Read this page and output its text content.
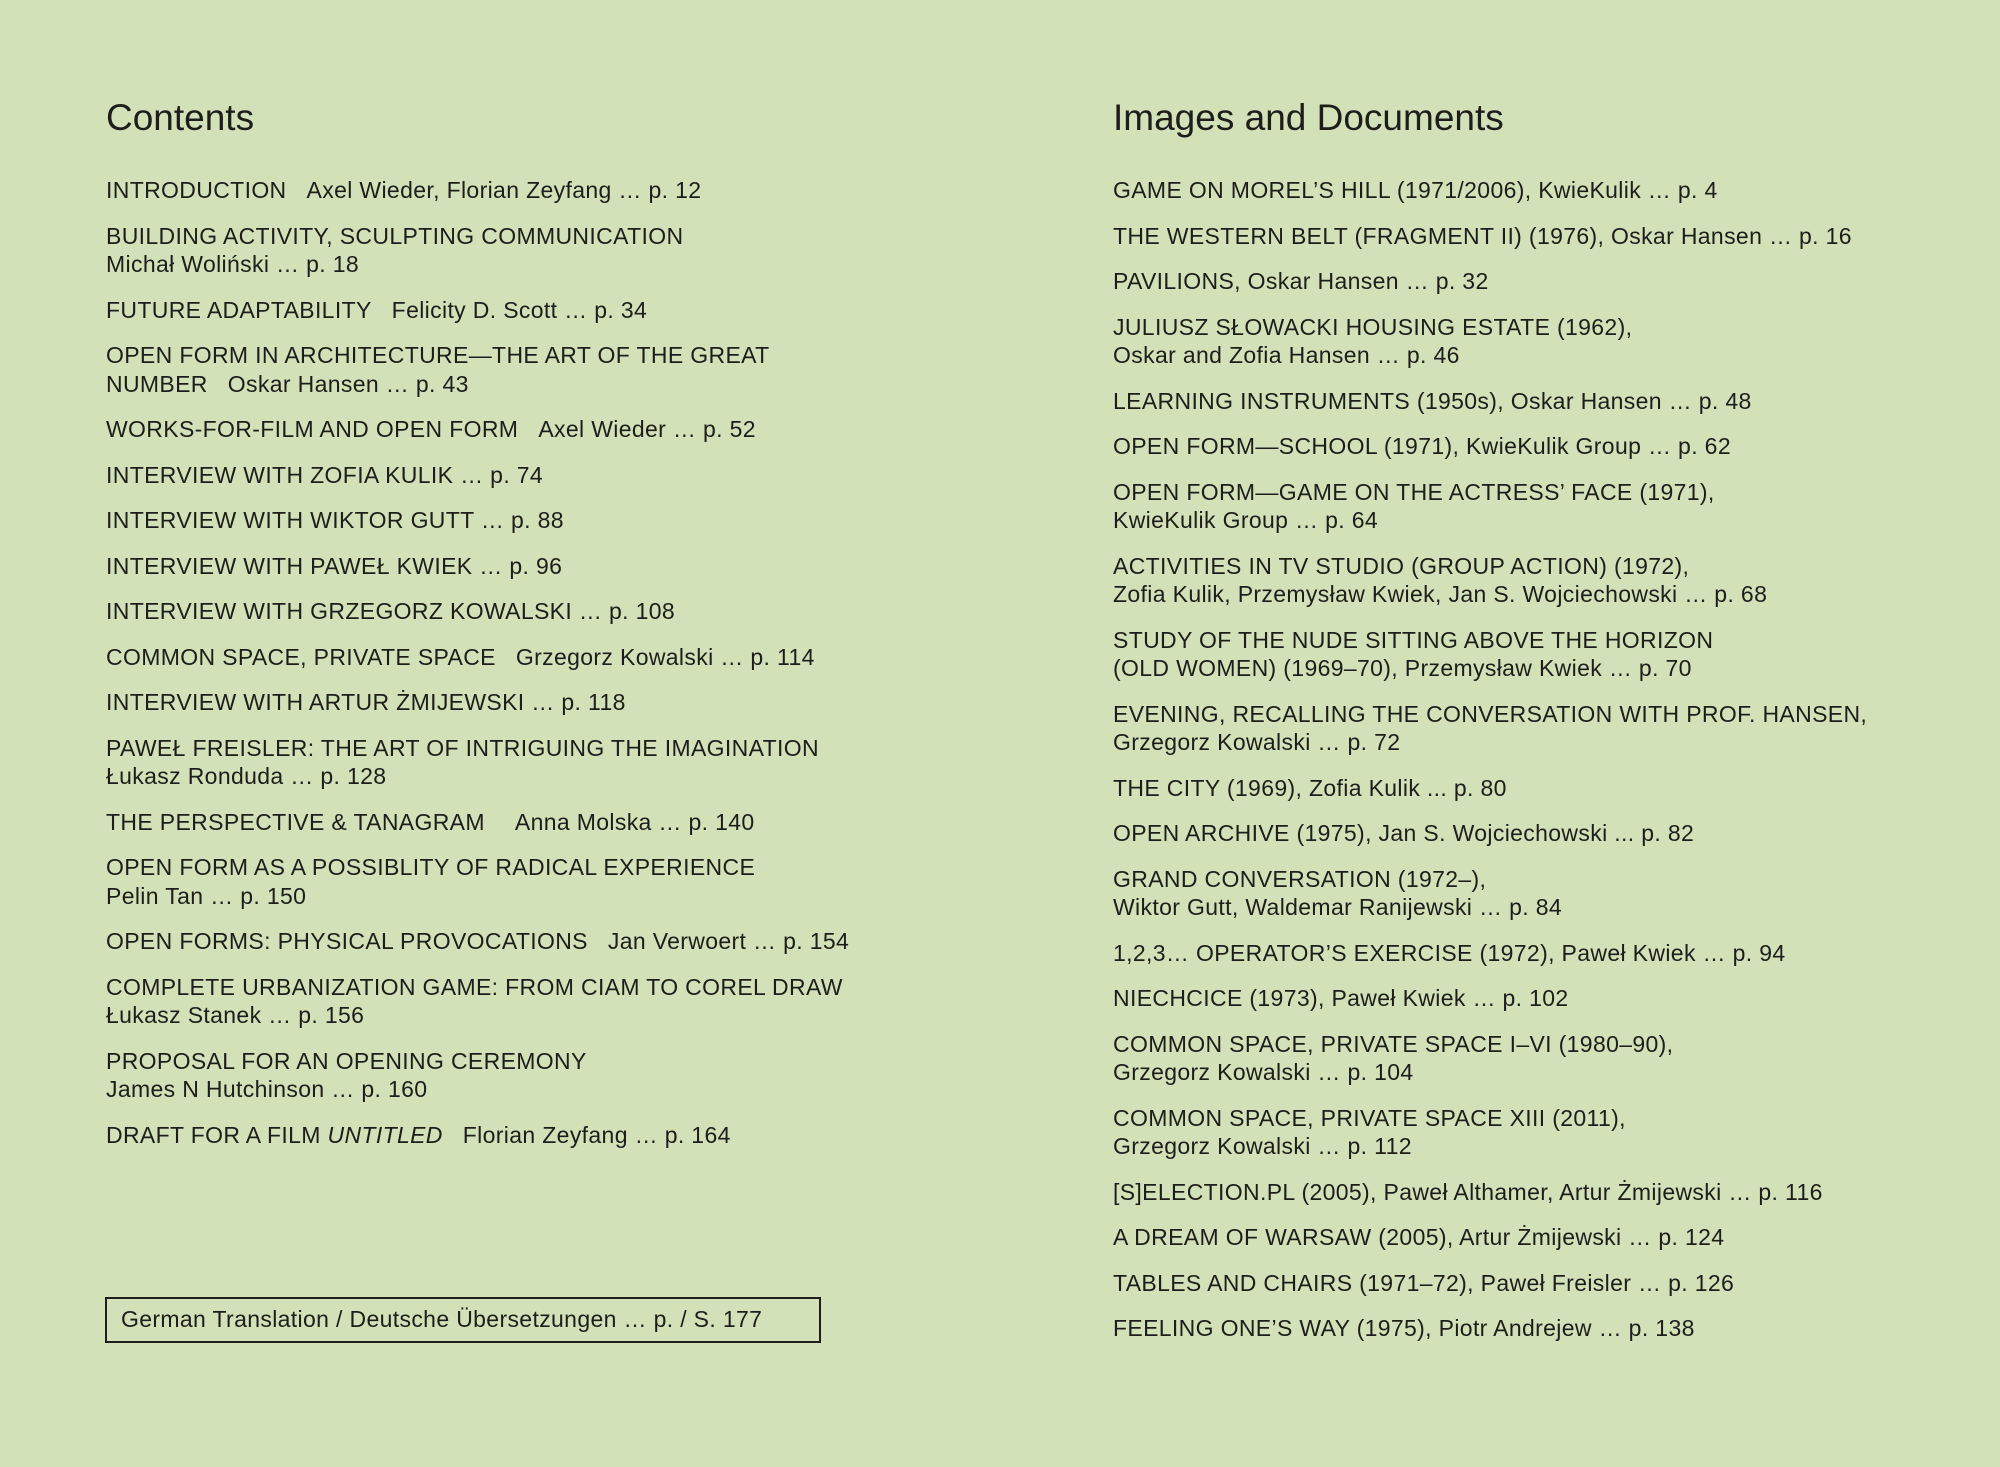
Contents
INTRODUCTION Axel Wieder, Florian Zeyfang … p. 12
BUILDING ACTIVITY, SCULPTING COMMUNICATION
Michał Woliński … p. 18
FUTURE ADAPTABILITY Felicity D. Scott … p. 34
OPEN FORM IN ARCHITECTURE—THE ART OF THE GREAT
NUMBER Oskar Hansen … p. 43
WORKS-FOR-FILM AND OPEN FORM Axel Wieder … p. 52
INTERVIEW WITH ZOFIA KULIK … p. 74
INTERVIEW WITH WIKTOR GUTT … p. 88
INTERVIEW WITH PAWEŁ KWIEK … p. 96
INTERVIEW WITH GRZEGORZ KOWALSKI … p. 108
COMMON SPACE, PRIVATE SPACE Grzegorz Kowalski … p. 114
INTERVIEW WITH ARTUR ŻMIJEWSKI … p. 118
PAWEŁ FREISLER: THE ART OF INTRIGUING THE IMAGINATION
Łukasz Ronduda … p. 128
THE PERSPECTIVE & TANAGRAM Anna Molska … p. 140
OPEN FORM AS A POSSIBLITY OF RADICAL EXPERIENCE
Pelin Tan … p. 150
OPEN FORMS: PHYSICAL PROVOCATIONS Jan Verwoert … p. 154
COMPLETE URBANIZATION GAME: FROM CIAM TO COREL DRAW
Łukasz Stanek … p. 156
PROPOSAL FOR AN OPENING CEREMONY
James N Hutchinson … p. 160
DRAFT FOR A FILM UNTITLED Florian Zeyfang … p. 164
German Translation / Deutsche Übersetzungen … p. / S. 177
Images and Documents
GAME ON MOREL’S HILL (1971/2006), KwieKulik … p. 4
THE WESTERN BELT (FRAGMENT II) (1976), Oskar Hansen … p. 16
PAVILIONS, Oskar Hansen … p. 32
JULIUSZ SŁOWACKI HOUSING ESTATE (1962),
Oskar and Zofia Hansen … p. 46
LEARNING INSTRUMENTS (1950s), Oskar Hansen … p. 48
OPEN FORM—SCHOOL (1971), KwieKulik Group … p. 62
OPEN FORM—GAME ON THE ACTRESS’ FACE (1971),
KwieKulik Group … p. 64
ACTIVITIES IN TV STUDIO (GROUP ACTION) (1972),
Zofia Kulik, Przemysław Kwiek, Jan S. Wojciechowski … p. 68
STUDY OF THE NUDE SITTING ABOVE THE HORIZON
(OLD WOMEN) (1969–70), Przemysław Kwiek … p. 70
EVENING, RECALLING THE CONVERSATION WITH PROF. HANSEN,
Grzegorz Kowalski … p. 72
THE CITY (1969), Zofia Kulik ... p. 80
OPEN ARCHIVE (1975), Jan S. Wojciechowski ... p. 82
GRAND CONVERSATION (1972–),
Wiktor Gutt, Waldemar Ranijewski … p. 84
1,2,3… OPERATOR’S EXERCISE (1972), Paweł Kwiek … p. 94
NIECHCICE (1973), Paweł Kwiek … p. 102
COMMON SPACE, PRIVATE SPACE I–VI (1980–90),
Grzegorz Kowalski … p. 104
COMMON SPACE, PRIVATE SPACE XIII (2011),
Grzegorz Kowalski … p. 112
[S]ELECTION.PL (2005), Paweł Althamer, Artur Żmijewski … p. 116
A DREAM OF WARSAW (2005), Artur Żmijewski … p. 124
TABLES AND CHAIRS (1971–72), Paweł Freisler … p. 126
FEELING ONE’S WAY (1975), Piotr Andrejew … p. 138
